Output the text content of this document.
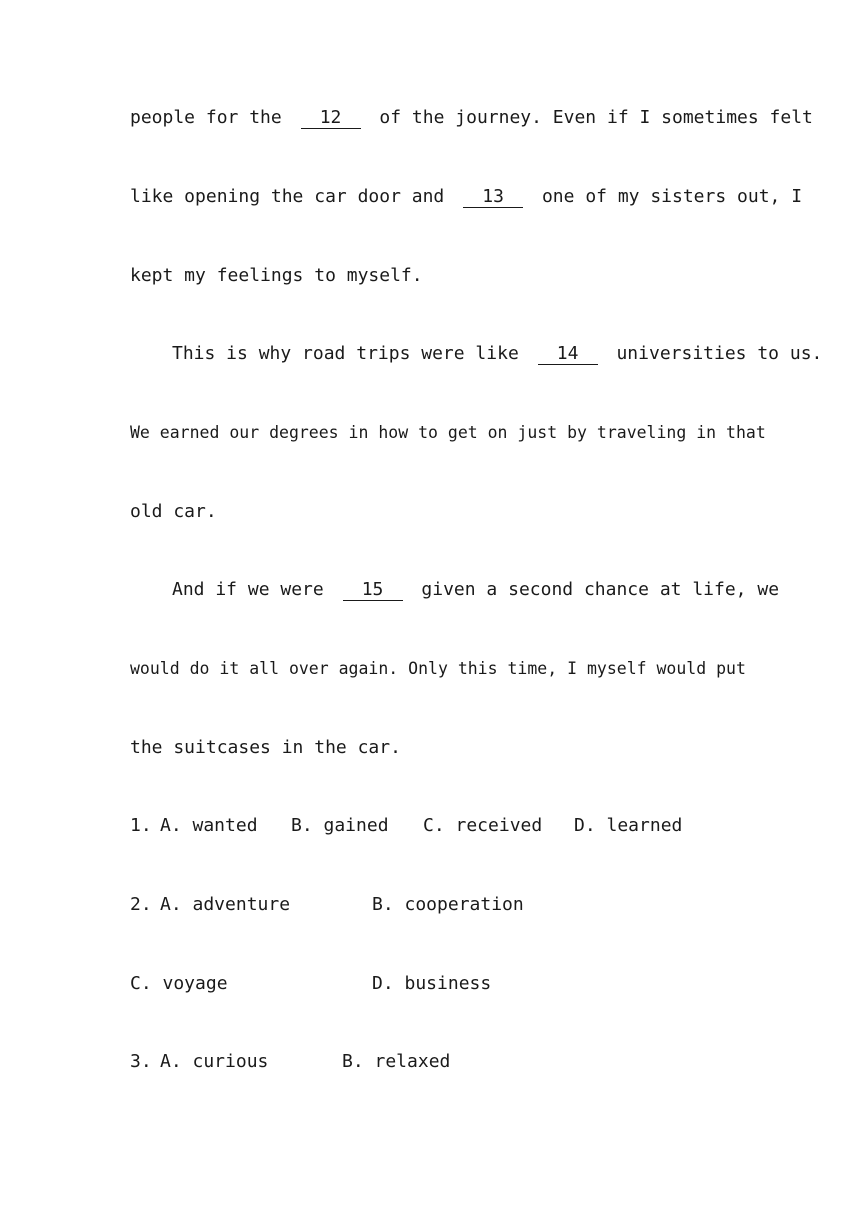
people for the 12 of the journey. Even if I sometimes felt
like opening the car door and 13 one of my sisters out, I
kept my feelings to myself.
This is why road trips were like 14 universities to us.
We earned our degrees in how to get on just by traveling in that
old car.
And if we were 15 given a second chance at life, we
would do it all over again. Only this time, I myself would put
the suitcases in the car.
1. A. wanted B. gained C. received D. learned
2. A. adventure	B. cooperation
C. voyage	D. business
3. A. curious	B. relaxed
